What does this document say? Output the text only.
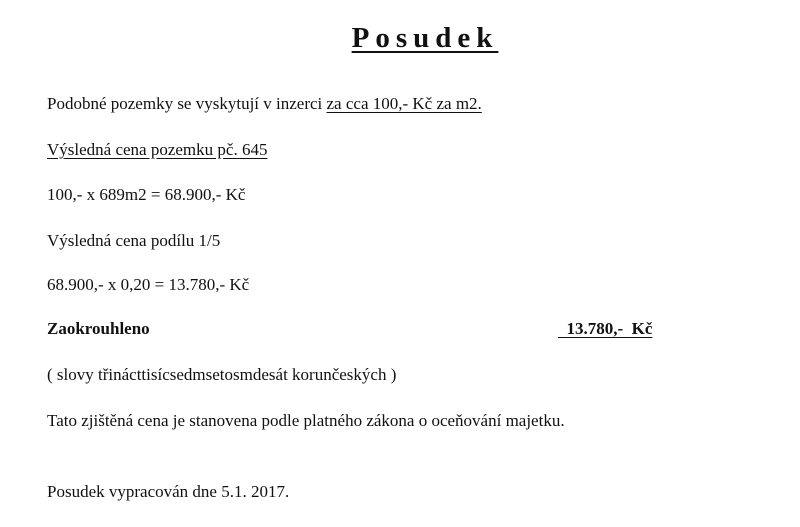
Posudek
Podobné pozemky se vyskytují v inzerci za cca 100,- Kč za m2.
Výsledná cena pozemku pč. 645
100,- x 689m2 = 68.900,- Kč
Výsledná cena podílu 1/5
68.900,- x 0,20 = 13.780,- Kč
Zaokrouhleno	13.780,-  Kč
( slovy třinácttisícsedmsetosmdesát korunčeských )
Tato zjištěná cena je stanovena podle platného zákona o oceňování majetku.
Posudek vypracován dne 5.1. 2017.
